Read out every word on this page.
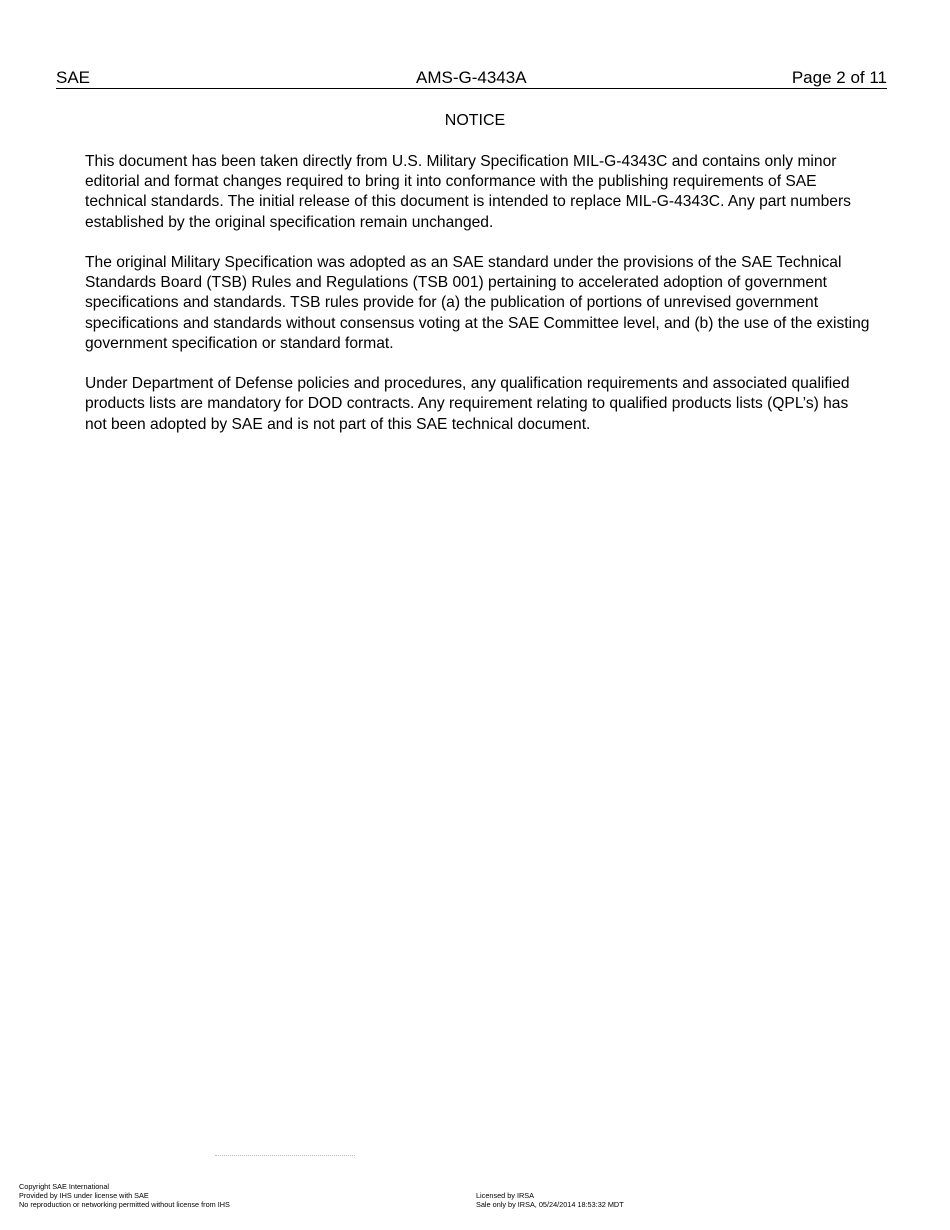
SAE	AMS-G-4343A	Page 2 of 11
NOTICE

This document has been taken directly from U.S. Military Specification MIL-G-4343C and contains only minor editorial and format changes required to bring it into conformance with the publishing requirements of SAE technical standards. The initial release of this document is intended to replace MIL-G-4343C. Any part numbers established by the original specification remain unchanged.

The original Military Specification was adopted as an SAE standard under the provisions of the SAE Technical Standards Board (TSB) Rules and Regulations (TSB 001) pertaining to accelerated adoption of government specifications and standards. TSB rules provide for (a) the publication of portions of unrevised government specifications and standards without consensus voting at the SAE Committee level, and (b) the use of the existing government specification or standard format.

Under Department of Defense policies and procedures, any qualification requirements and associated qualified products lists are mandatory for DOD contracts. Any requirement relating to qualified products lists (QPL’s) has not been adopted by SAE and is not part of this SAE technical document.

Copyright SAE International
Provided by IHS under license with SAE
No reproduction or networking permitted without license from IHS
Licensed by IRSA
Sale only by IRSA, 05/24/2014 18:53:32 MDT
